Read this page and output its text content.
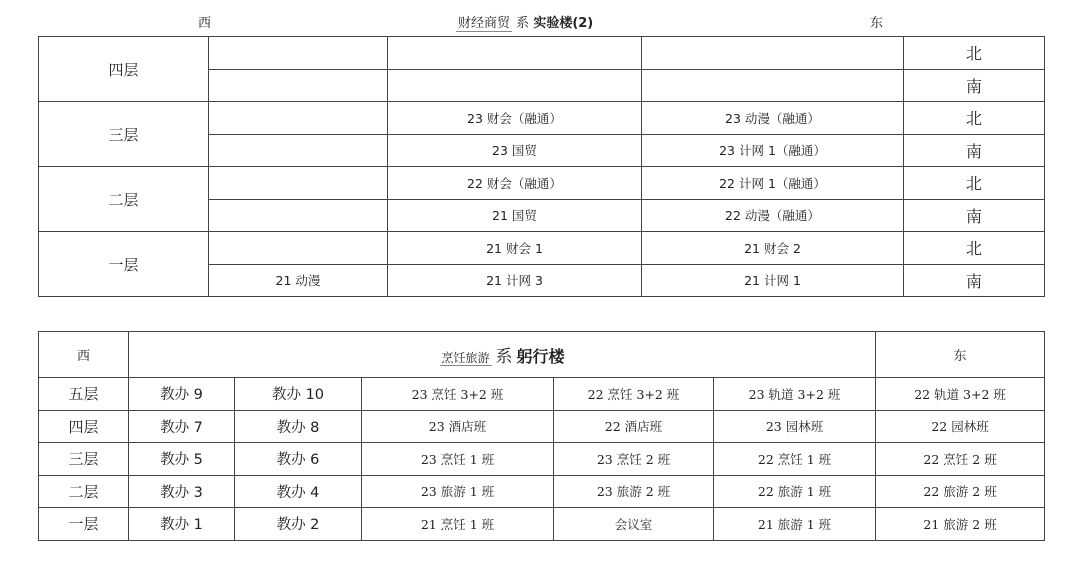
西	财经商贸 系 实验楼(2)	东
四层				北
				南
三层		23 财会（融通）	23 动漫（融通）	北
		23 国贸	23 计网 1（融通）	南
二层		22 财会（融通）	22 计网 1（融通）	北
		21 国贸	22 动漫（融通）	南
一层		21 财会 1	21 财会 2	北
	21 动漫	21 计网 3	21 计网 1	南
西	烹饪旅游 系 躬行楼					东
五层	教办 9	教办 10	23 烹饪 3+2 班	22 烹饪 3+2 班	23 轨道 3+2 班	22 轨道 3+2 班
四层	教办 7	教办 8	23 酒店班	22 酒店班	23 园林班	22 园林班
三层	教办 5	教办 6	23 烹饪 1 班	23 烹饪 2 班	22 烹饪 1 班	22 烹饪 2 班
二层	教办 3	教办 4	23 旅游 1 班	23 旅游 2 班	22 旅游 1 班	22 旅游 2 班
一层	教办 1	教办 2	21 烹饪 1 班	会议室	21 旅游 1 班	21 旅游 2 班
